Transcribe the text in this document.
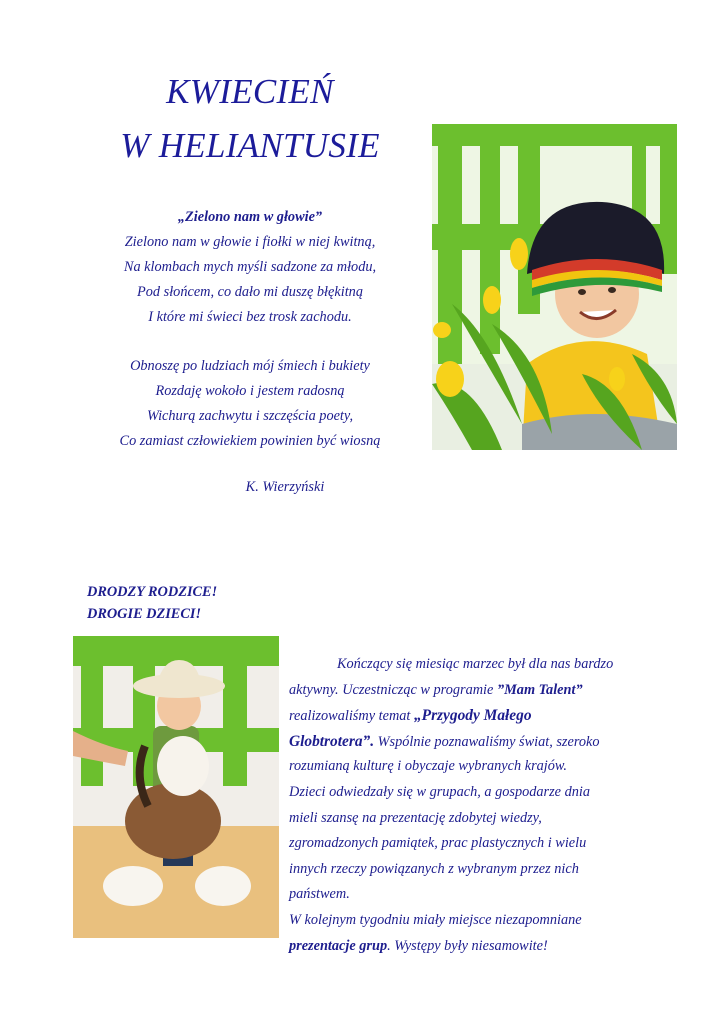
KWIECIEŃ
W HELIANTUSIE
„Zielono nam w głowie”
Zielono nam w głowie i fiołki w niej kwitną,
Na klombach mych myśli sadzone za młodu,
Pod słońcem, co dało mi duszę błękitną
I które mi świeci bez trosk zachodu.
Obnoszę po ludziach mój śmiech i bukiety
Rozdaję wokoło i jestem radosną
Wichurą zachwytu i szczęścia poety,
Co zamiast człowiekiem powinien być wiosną
K. Wierzyński
DRODZY RODZICE!
DROGIE DZIECI!
Kończący się miesiąc marzec był dla nas bardzo
aktywny. Uczestnicząc w programie ”Mam Talent”
realizowaliśmy temat „Przygody Małego
Globtrotera”. Wspólnie poznawaliśmy świat, szeroko
rozumianą kulturę i obyczaje wybranych krajów.
Dzieci odwiedzały się w grupach, a gospodarze dnia
mieli szansę na prezentację zdobytej wiedzy,
zgromadzonych pamiątek, prac plastycznych i wielu
innych rzeczy powiązanych z wybranym przez nich
państwem.
W kolejnym tygodniu miały miejsce niezapomniane
prezentacje grup. Występy były niesamowite!
